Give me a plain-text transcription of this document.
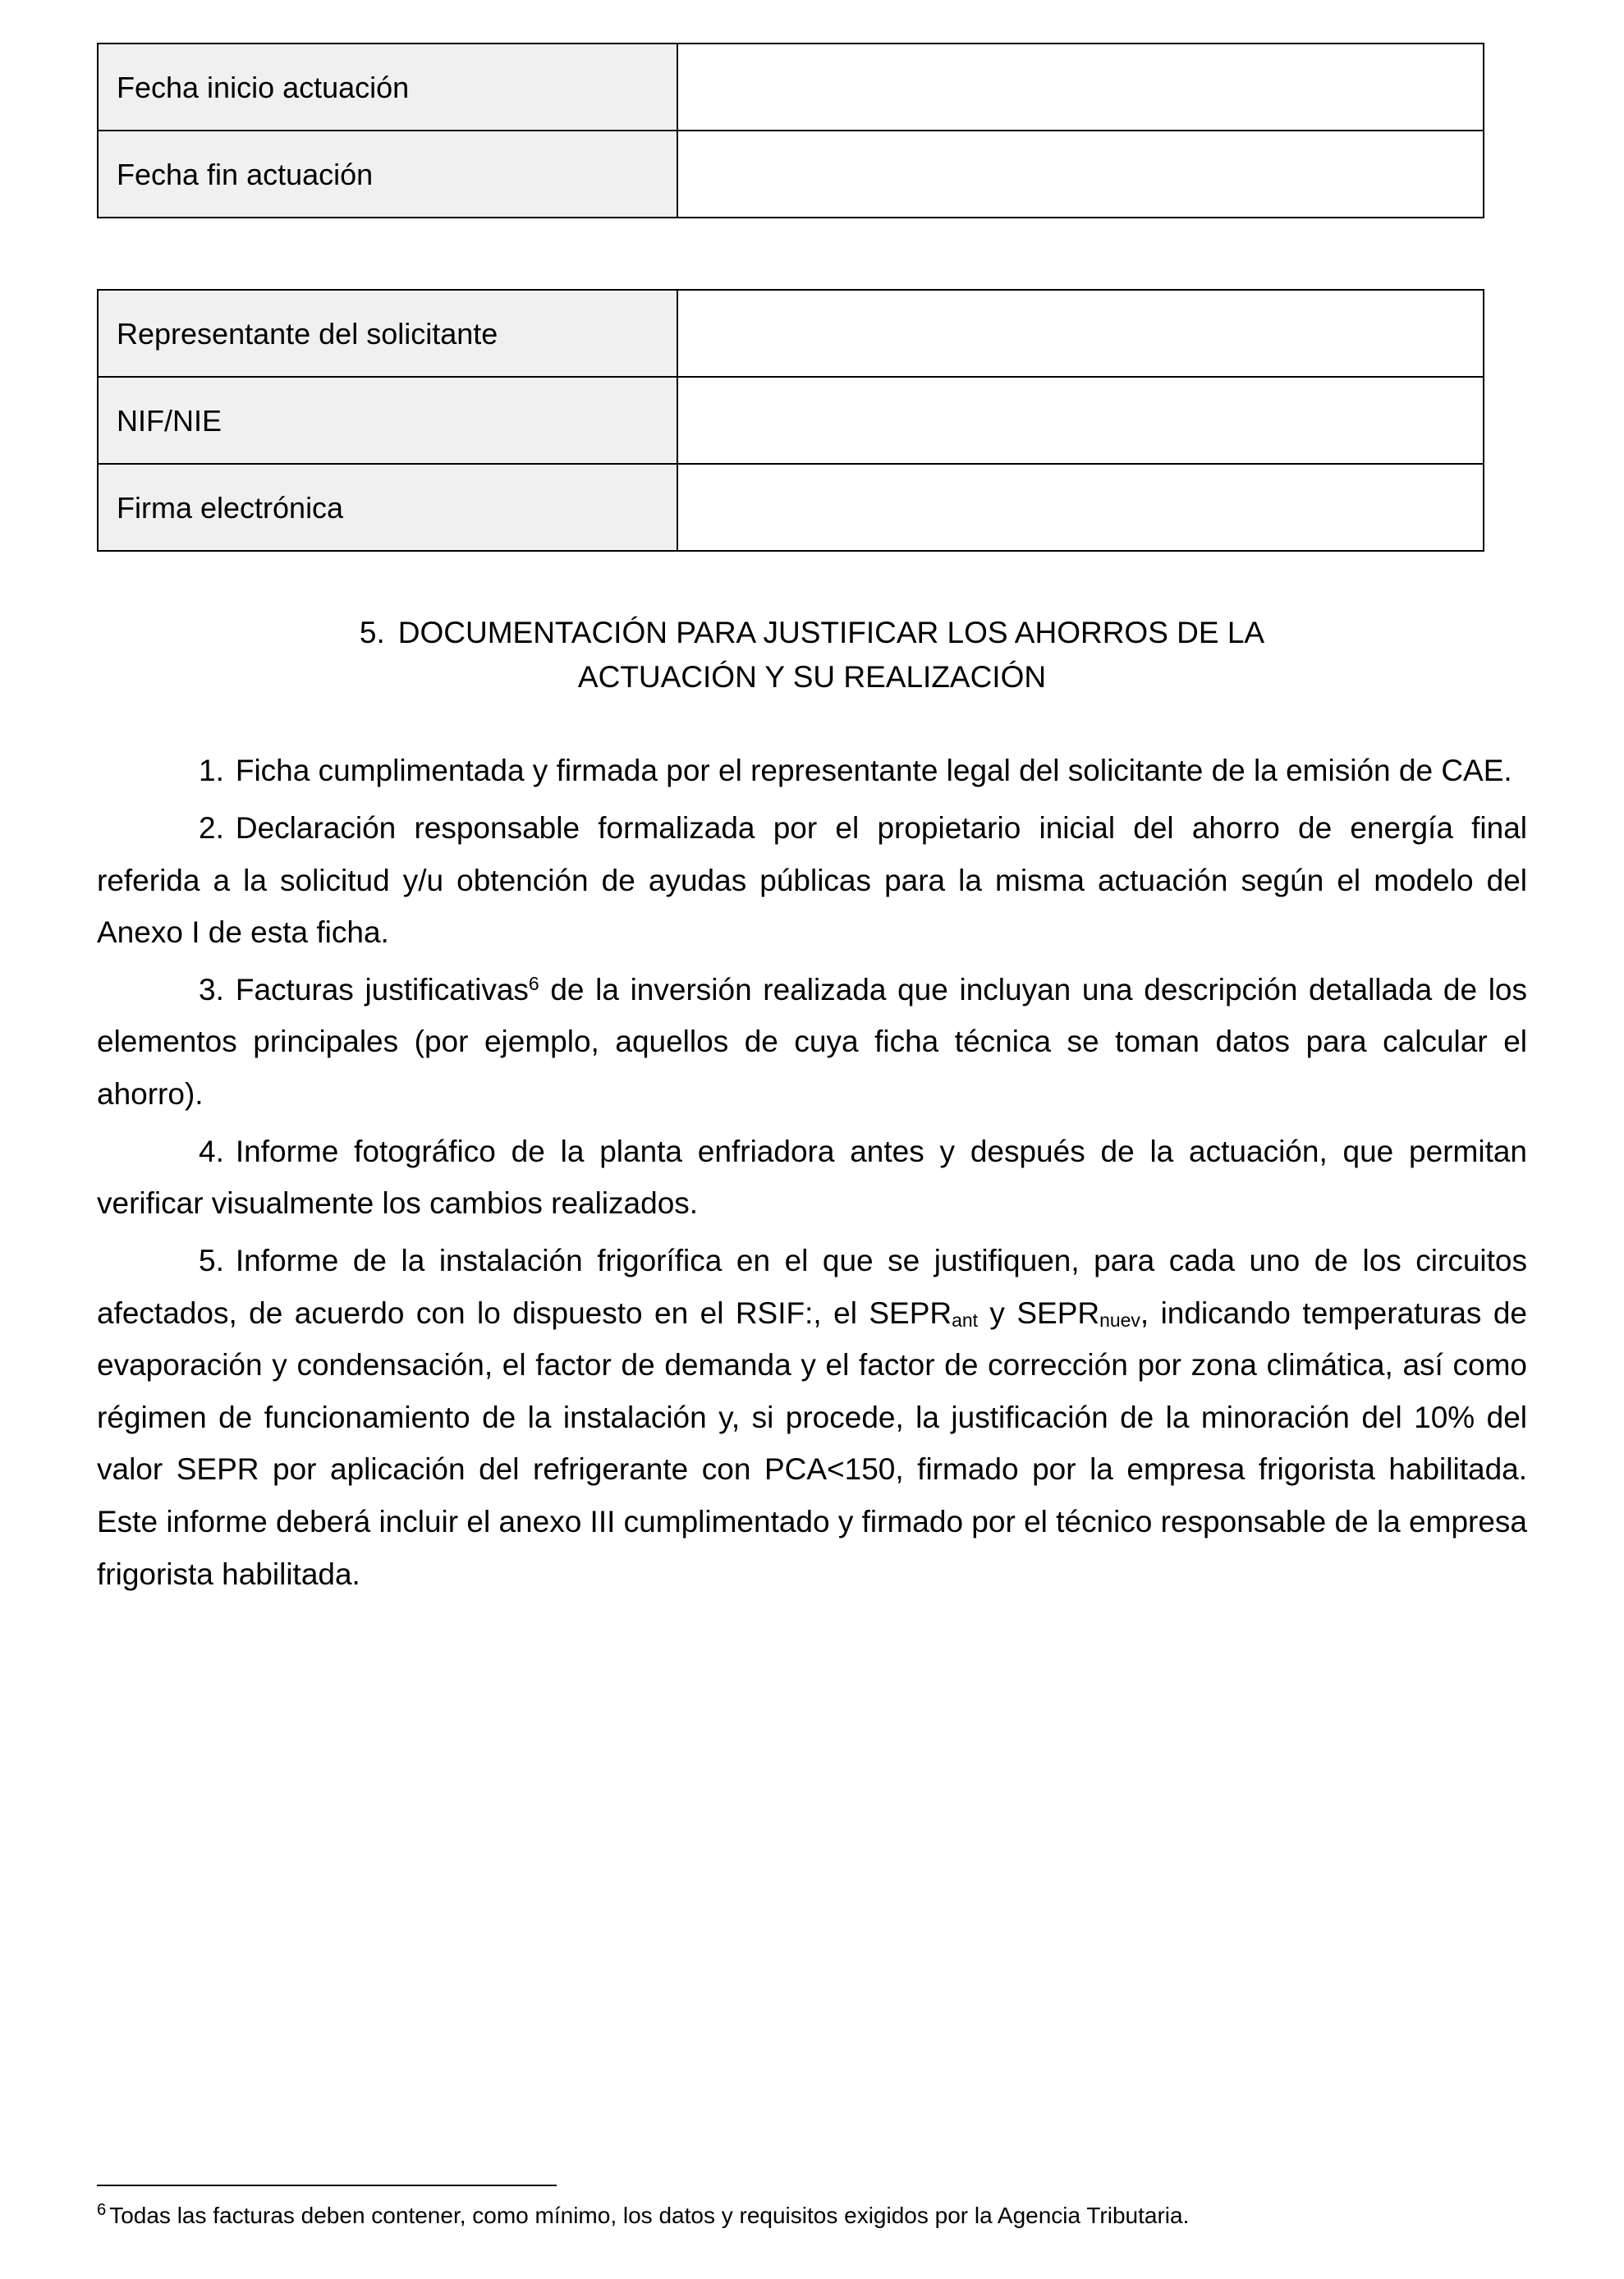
Fecha inicio actuación	
Fecha fin actuación	
Representante del solicitante	
NIF/NIE	
Firma electrónica	
5. DOCUMENTACIÓN PARA JUSTIFICAR LOS AHORROS DE LA
ACTUACIÓN Y SU REALIZACIÓN
1. Ficha cumplimentada y firmada por el representante legal del solicitante de la emisión de CAE.
2. Declaración responsable formalizada por el propietario inicial del ahorro de energía final referida a la solicitud y/u obtención de ayudas públicas para la misma actuación según el modelo del Anexo I de esta ficha.
3. Facturas justificativas$^6$ de la inversión realizada que incluyan una descripción detallada de los elementos principales (por ejemplo, aquellos de cuya ficha técnica se toman datos para calcular el ahorro).
4. Informe fotográfico de la planta enfriadora antes y después de la actuación, que permitan verificar visualmente los cambios realizados.
5. Informe de la instalación frigorífica en el que se justifiquen, para cada uno de los circuitos afectados, de acuerdo con lo dispuesto en el RSIF:, el $SEPR_{ant}$ y $SEPR_{nuev}$, indicando temperaturas de evaporación y condensación, el factor de demanda y el factor de corrección por zona climática, así como régimen de funcionamiento de la instalación y, si procede, la justificación de la minoración del 10% del valor SEPR por aplicación del refrigerante con PCA<150, firmado por la empresa frigorista habilitada. Este informe deberá incluir el anexo III cumplimentado y firmado por el técnico responsable de la empresa frigorista habilitada.
$^6$ Todas las facturas deben contener, como mínimo, los datos y requisitos exigidos por la Agencia Tributaria.
